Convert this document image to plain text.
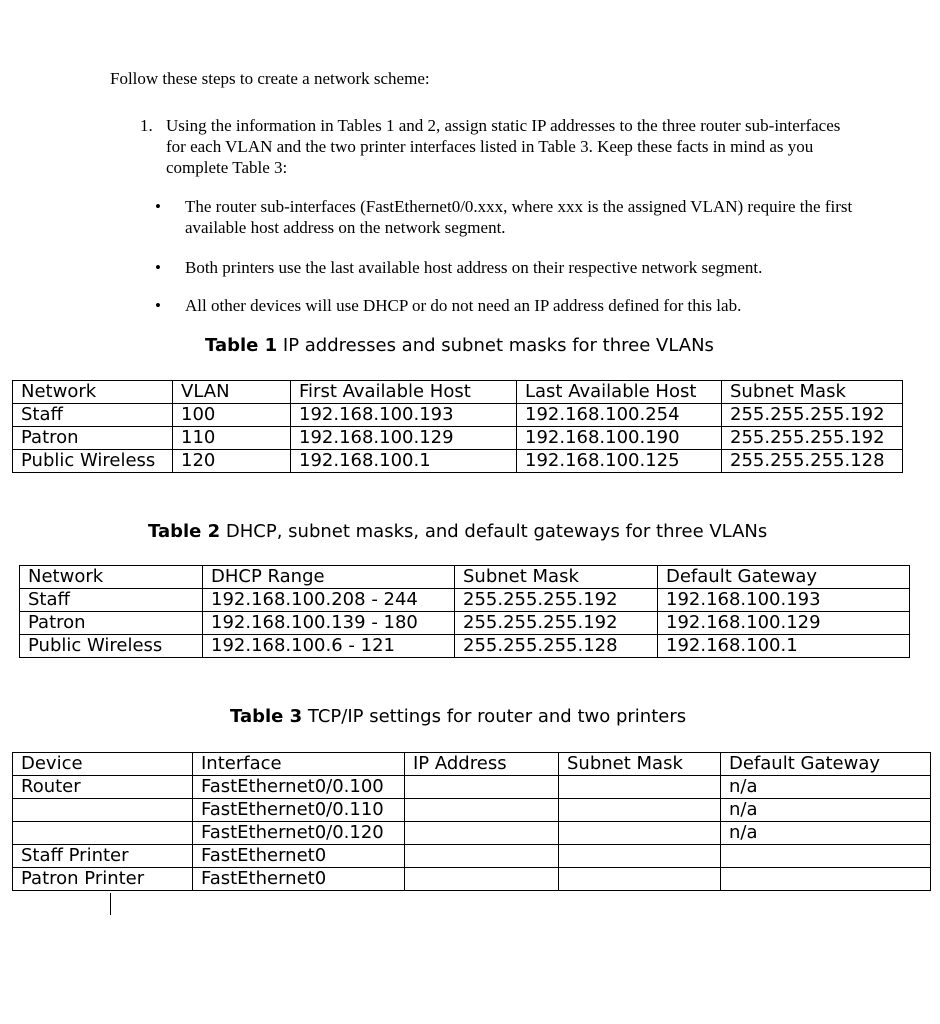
Follow these steps to create a network scheme:

1. Using the information in Tables 1 and 2, assign static IP addresses to the three router sub-interfaces for each VLAN and the two printer interfaces listed in Table 3. Keep these facts in mind as you complete Table 3:
• The router sub-interfaces (FastEthernet0/0.xxx, where xxx is the assigned VLAN) require the first available host address on the network segment.
• Both printers use the last available host address on their respective network segment.
• All other devices will use DHCP or do not need an IP address defined for this lab.
Table 1 IP addresses and subnet masks for three VLANs
Network	VLAN	First Available Host	Last Available Host	Subnet Mask
Staff	100	192.168.100.193	192.168.100.254	255.255.255.192
Patron	110	192.168.100.129	192.168.100.190	255.255.255.192
Public Wireless	120	192.168.100.1	192.168.100.125	255.255.255.128
Table 2 DHCP, subnet masks, and default gateways for three VLANs
Network	DHCP Range	Subnet Mask	Default Gateway
Staff	192.168.100.208 - 244	255.255.255.192	192.168.100.193
Patron	192.168.100.139 - 180	255.255.255.192	192.168.100.129
Public Wireless	192.168.100.6 - 121	255.255.255.128	192.168.100.1
Table 3 TCP/IP settings for router and two printers
Device	Interface	IP Address	Subnet Mask	Default Gateway
Router	FastEthernet0/0.100			n/a
	FastEthernet0/0.110			n/a
	FastEthernet0/0.120			n/a
Staff Printer	FastEthernet0			
Patron Printer	FastEthernet0			
